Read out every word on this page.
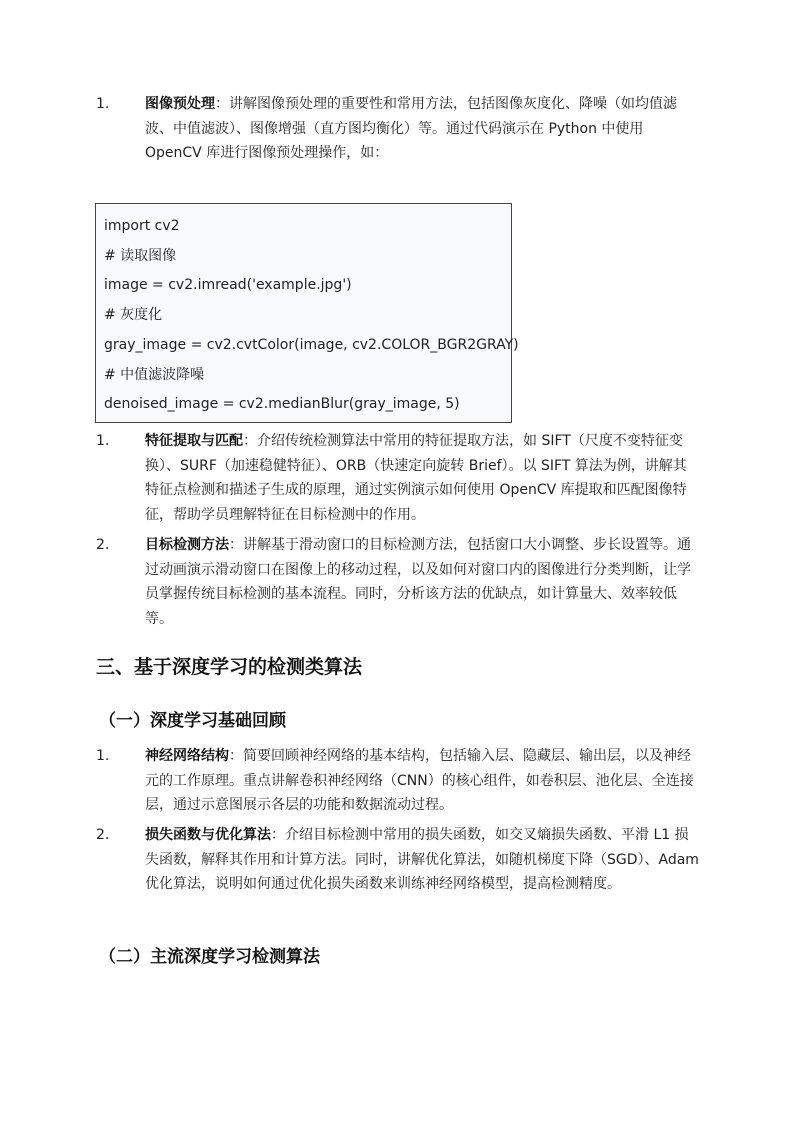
1.	图像预处理：讲解图像预处理的重要性和常用方法，包括图像灰度化、降噪（如均值滤波、中值滤波）、图像增强（直方图均衡化）等。通过代码演示在 Python 中使用 OpenCV 库进行图像预处理操作，如：
import cv2
# 读取图像
image = cv2.imread('example.jpg')
# 灰度化
gray_image = cv2.cvtColor(image, cv2.COLOR_BGR2GRAY)
# 中值滤波降噪
denoised_image = cv2.medianBlur(gray_image, 5)
1.	特征提取与匹配：介绍传统检测算法中常用的特征提取方法，如 SIFT（尺度不变特征变换）、SURF（加速稳健特征）、ORB（快速定向旋转 Brief）。以 SIFT 算法为例，讲解其特征点检测和描述子生成的原理，通过实例演示如何使用 OpenCV 库提取和匹配图像特征，帮助学员理解特征在目标检测中的作用。
2.	目标检测方法：讲解基于滑动窗口的目标检测方法，包括窗口大小调整、步长设置等。通过动画演示滑动窗口在图像上的移动过程，以及如何对窗口内的图像进行分类判断，让学员掌握传统目标检测的基本流程。同时，分析该方法的优缺点，如计算量大、效率较低等。
三、基于深度学习的检测类算法
（一）深度学习基础回顾
1.	神经网络结构：简要回顾神经网络的基本结构，包括输入层、隐藏层、输出层，以及神经元的工作原理。重点讲解卷积神经网络（CNN）的核心组件，如卷积层、池化层、全连接层，通过示意图展示各层的功能和数据流动过程。
2.	损失函数与优化算法：介绍目标检测中常用的损失函数，如交叉熵损失函数、平滑 L1 损失函数，解释其作用和计算方法。同时，讲解优化算法，如随机梯度下降（SGD）、Adam 优化算法，说明如何通过优化损失函数来训练神经网络模型，提高检测精度。
（二）主流深度学习检测算法
